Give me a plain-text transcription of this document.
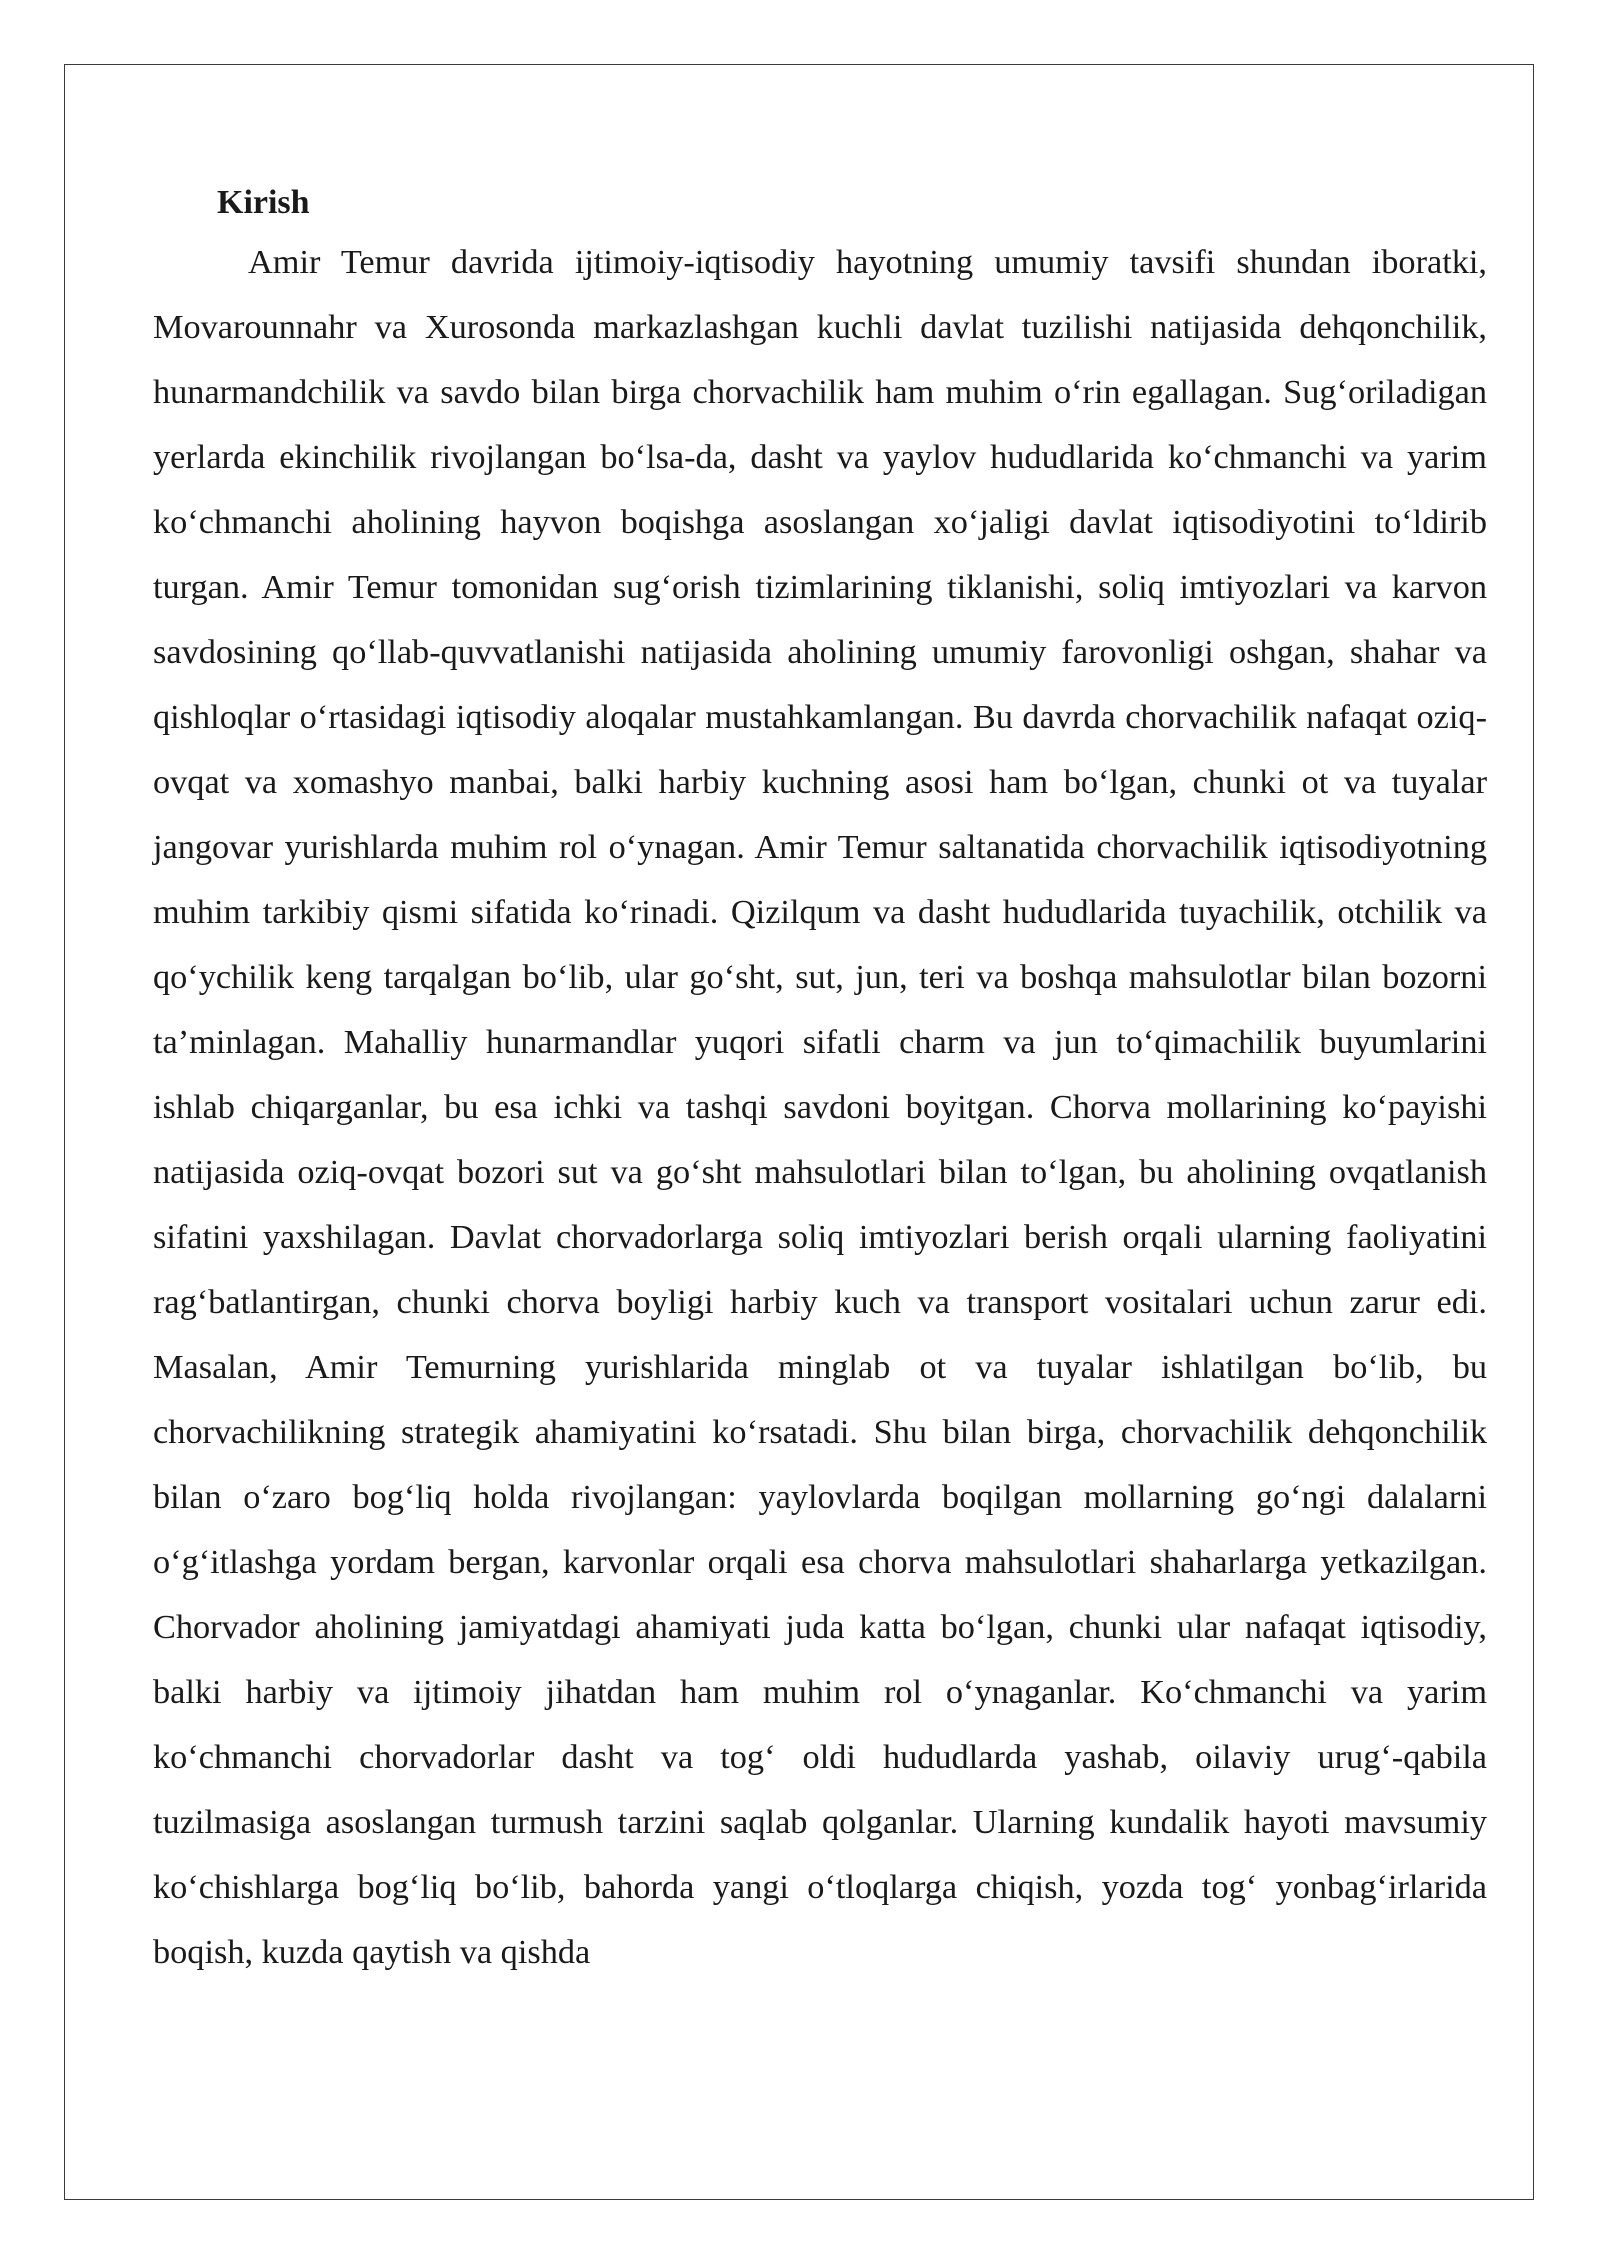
Kirish

Amir Temur davrida ijtimoiy-iqtisodiy hayotning umumiy tavsifi shundan iboratki, Movarounnahr va Xurosonda markazlashgan kuchli davlat tuzilishi natijasida dehqonchilik, hunarmandchilik va savdo bilan birga chorvachilik ham muhim oʻrin egallagan. Sugʻoriladigan yerlarda ekinchilik rivojlangan boʻlsa-da, dasht va yaylov hududlarida koʻchmanchi va yarim koʻchmanchi aholining hayvon boqishga asoslangan xoʻjaligi davlat iqtisodiyotini toʻldirib turgan. Amir Temur tomonidan sugʻorish tizimlarining tiklanishi, soliq imtiyozlari va karvon savdosining qoʻllab-quvvatlanishi natijasida aholining umumiy farovonligi oshgan, shahar va qishloqlar oʻrtasidagi iqtisodiy aloqalar mustahkamlangan. Bu davrda chorvachilik nafaqat oziq-ovqat va xomashyo manbai, balki harbiy kuchning asosi ham boʻlgan, chunki ot va tuyalar jangovar yurishlarda muhim rol oʻynagan. Amir Temur saltanatida chorvachilik iqtisodiyotning muhim tarkibiy qismi sifatida koʻrinadi. Qizilqum va dasht hududlarida tuyachilik, otchilik va qoʻychilik keng tarqalgan boʻlib, ular goʻsht, sut, jun, teri va boshqa mahsulotlar bilan bozorni ta’minlagan. Mahalliy hunarmandlar yuqori sifatli charm va jun toʻqimachilik buyumlarini ishlab chiqarganlar, bu esa ichki va tashqi savdoni boyitgan. Chorva mollarining koʻpayishi natijasida oziq-ovqat bozori sut va goʻsht mahsulotlari bilan toʻlgan, bu aholining ovqatlanish sifatini yaxshilagan. Davlat chorvadorlarga soliq imtiyozlari berish orqali ularning faoliyatini ragʻbatlantirgan, chunki chorva boyligi harbiy kuch va transport vositalari uchun zarur edi. Masalan, Amir Temurning yurishlarida minglab ot va tuyalar ishlatilgan boʻlib, bu chorvachilikning strategik ahamiyatini koʻrsatadi. Shu bilan birga, chorvachilik dehqonchilik bilan oʻzaro bogʻliq holda rivojlangan: yaylovlarda boqilgan mollarning goʻngi dalalarni oʻgʻitlashga yordam bergan, karvonlar orqali esa chorva mahsulotlari shaharlarga yetkazilgan. Chorvador aholining jamiyatdagi ahamiyati juda katta boʻlgan, chunki ular nafaqat iqtisodiy, balki harbiy va ijtimoiy jihatdan ham muhim rol oʻynaganlar. Koʻchmanchi va yarim koʻchmanchi chorvadorlar dasht va togʻ oldi hududlarda yashab, oilaviy urugʻ-qabila tuzilmasiga asoslangan turmush tarzini saqlab qolganlar. Ularning kundalik hayoti mavsumiy koʻchishlarga bogʻliq boʻlib, bahorda yangi oʻtloqlarga chiqish, yozda togʻ yonbagʻirlarida boqish, kuzda qaytish va qishda
